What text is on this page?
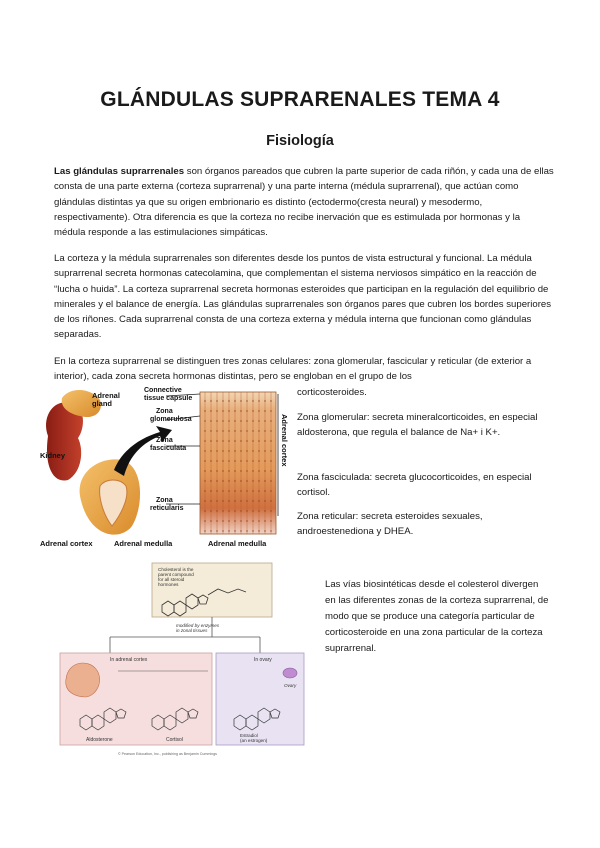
GLÁNDULAS SUPRARENALES TEMA 4
Fisiología
Las glándulas suprarrenales son órganos pareados que cubren la parte superior de cada riñón, y cada una de ellas consta de una parte externa (corteza suprarrenal) y una parte interna (médula suprarrenal), que actúan como glándulas distintas ya que su origen embrionario es distinto (ectodermo(cresta neural) y mesodermo, respectivamente). Otra diferencia es que la corteza no recibe inervación que es estimulada por hormonas y la médula responde a las estimulaciones simpáticas.
La corteza y la médula suprarrenales son diferentes desde los puntos de vista estructural y funcional. La médula suprarrenal secreta hormonas catecolamina, que complementan el sistema nerviosos simpático en la reacción de “lucha o huida”. La corteza suprarrenal secreta hormonas esteroides que participan en la regulación del equilibrio de minerales y el balance de energía. Las glándulas suprarrenales son órganos pares que cubren los bordes superiores de los riñones. Cada suprarrenal consta de una corteza externa y médula interna que funcionan como glándulas separadas.
En la corteza suprarrenal se distinguen tres zonas celulares: zona glomerular, fascicular y reticular (de exterior a interior), cada zona secreta hormonas distintas, pero se engloban en el grupo de los
corticosteroides.
Zona glomerular: secreta mineralcorticoides, en especial aldosterona, que regula el balance de Na+ i K+.
Zona fasciculada: secreta glucocorticoides, en especial cortisol.
Zona reticular: secreta esteroides sexuales, androestenediona y DHEA.
Adrenal gland
Kidney
Connective tissue capsule
Zona glomerulosa
Zona fasciculata
Zona reticularis
Adrenal cortex	Adrenal medulla	Adrenal medulla
Adrenal cortex
Cholesterol is the parent compound for all steroid hormones
modified by enzymes in zonal tissues
In adrenal cortex
Aldosterone	Cortisol
In ovary
Ovary
Estradiol (an estrogen)
© Pearson Education, Inc., publishing as Benjamin Cummings
Las vías biosintéticas desde el colesterol divergen en las diferentes zonas de la corteza suprarrenal, de modo que se produce una categoría particular de corticosteroide en una zona particular de la corteza suprarrenal.
